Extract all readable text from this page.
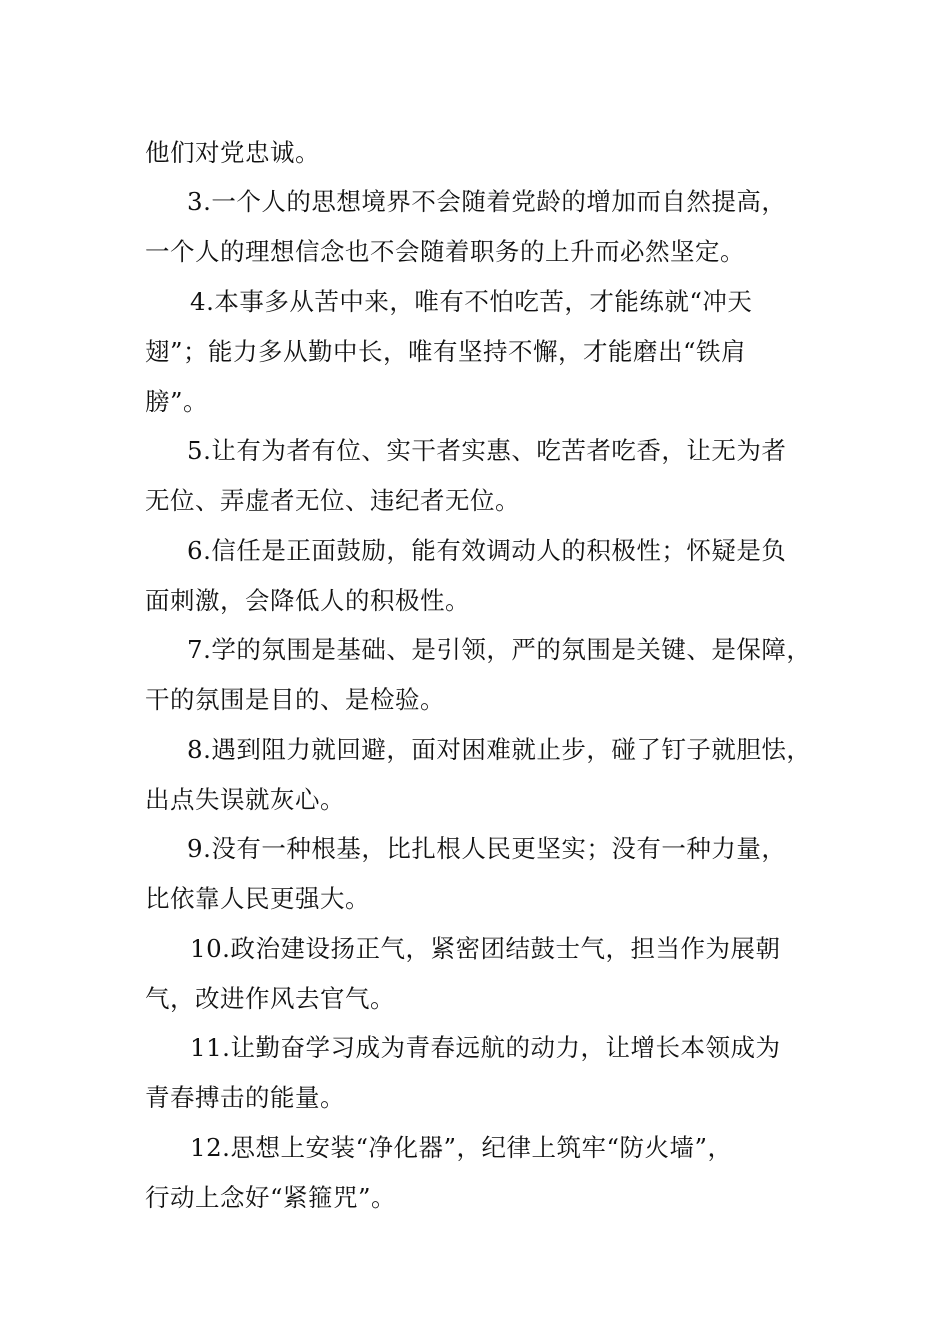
他们对党忠诚。
3.一个人的思想境界不会随着党龄的增加而自然提高，
一个人的理想信念也不会随着职务的上升而必然坚定。
4.本事多从苦中来，唯有不怕吃苦，才能练就“冲天
翅”；能力多从勤中长，唯有坚持不懈，才能磨出“铁肩
膀”。
5.让有为者有位、实干者实惠、吃苦者吃香，让无为者
无位、弄虚者无位、违纪者无位。
6.信任是正面鼓励，能有效调动人的积极性；怀疑是负
面刺激，会降低人的积极性。
7.学的氛围是基础、是引领，严的氛围是关键、是保障，
干的氛围是目的、是检验。
8.遇到阻力就回避，面对困难就止步，碰了钉子就胆怯，
出点失误就灰心。
9.没有一种根基，比扎根人民更坚实；没有一种力量，
比依靠人民更强大。
10.政治建设扬正气，紧密团结鼓士气，担当作为展朝
气，改进作风去官气。
11.让勤奋学习成为青春远航的动力，让增长本领成为
青春搏击的能量。
12.思想上安装“净化器”，纪律上筑牢“防火墙”，
行动上念好“紧箍咒”。
